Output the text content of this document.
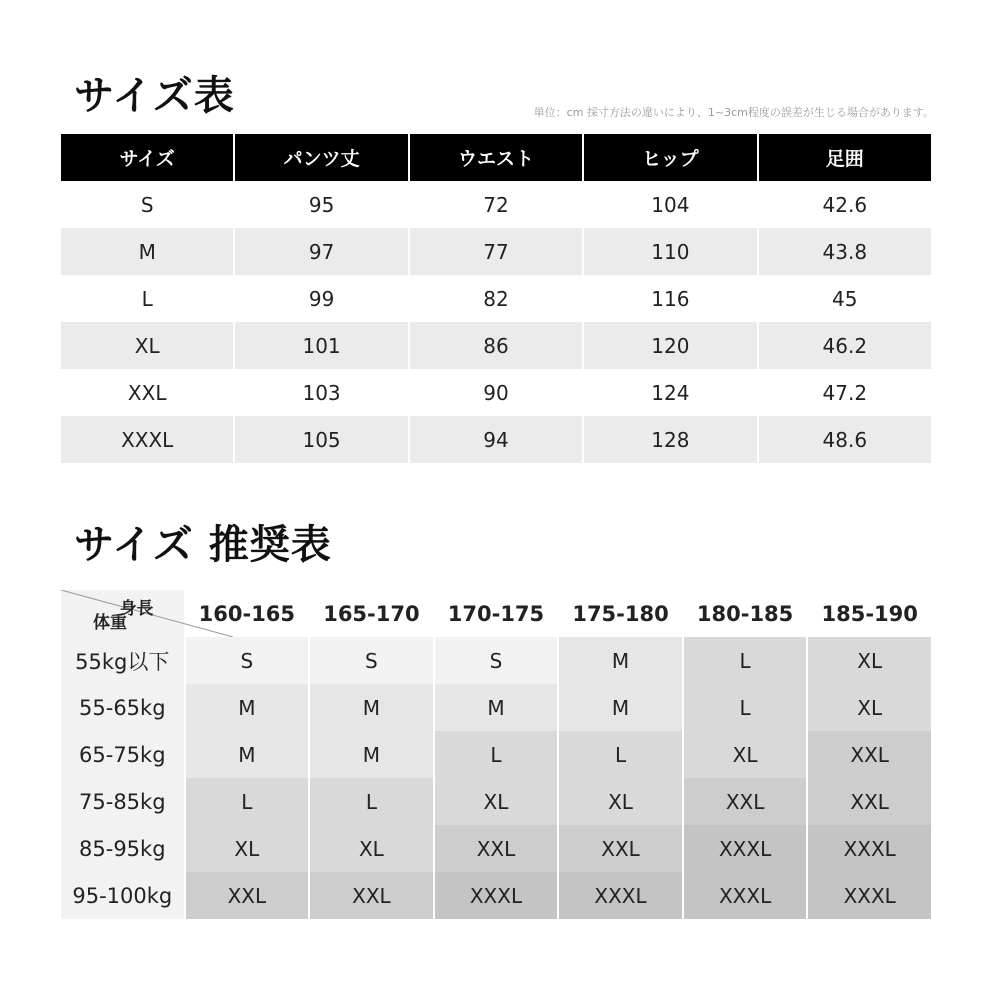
サイズ表	単位：cm 採寸方法の違いにより、1~3cm程度の誤差が生じる場合があります。
サイズ	パンツ丈	ウエスト	ヒップ	足囲
S	95	72	104	42.6
M	97	77	110	43.8
L	99	82	116	45
XL	101	86	120	46.2
XXL	103	90	124	47.2
XXXL	105	94	128	48.6
サイズ 推奨表
身長
体重	160-165	165-170	170-175	175-180	180-185	185-190
55kg以下	S	S	S	M	L	XL
55-65kg	M	M	M	M	L	XL
65-75kg	M	M	L	L	XL	XXL
75-85kg	L	L	XL	XL	XXL	XXL
85-95kg	XL	XL	XXL	XXL	XXXL	XXXL
95-100kg	XXL	XXL	XXXL	XXXL	XXXL	XXXL
